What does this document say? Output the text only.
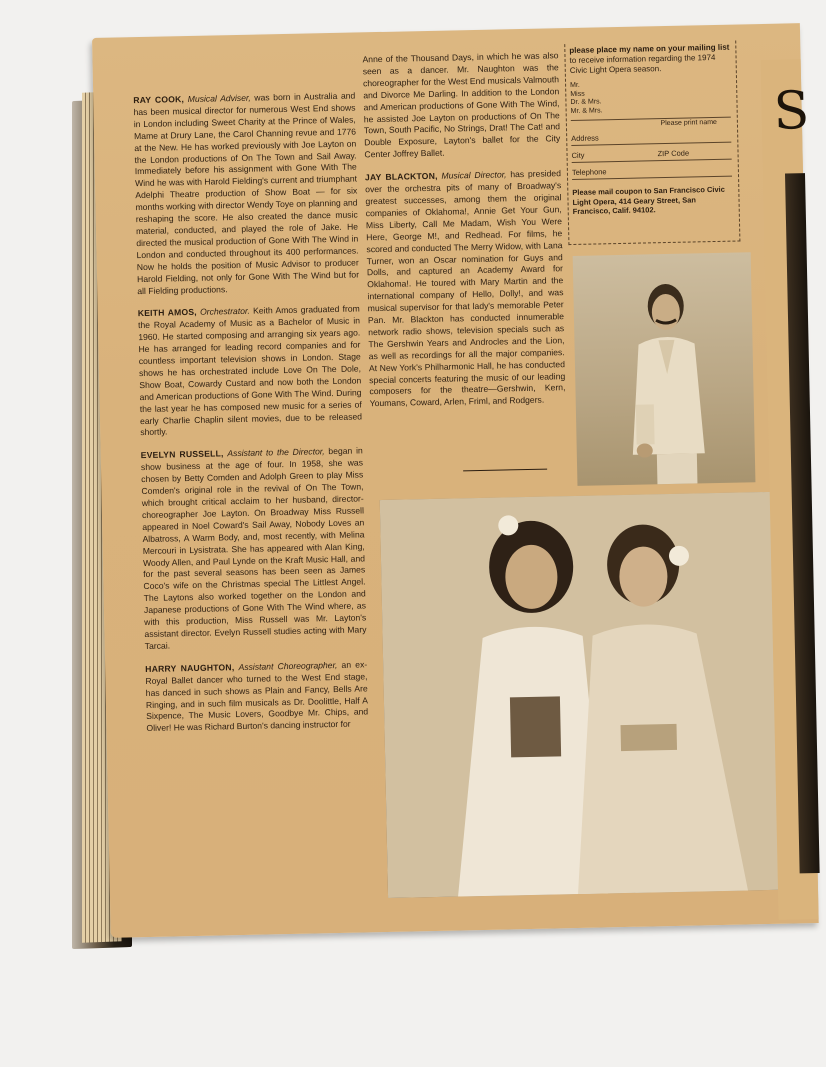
RAY COOK, Musical Adviser, was born in Australia and has been musical director for numerous West End shows in London including Sweet Charity at the Prince of Wales, Mame at Drury Lane, the Carol Channing revue and 1776 at the New. He has worked previously with Joe Layton on the London productions of On The Town and Sail Away. Immediately before his assignment with Gone With The Wind he was with Harold Fielding's current and triumphant Adelphi Theatre production of Show Boat — for six months working with director Wendy Toye on planning and reshaping the score. He also created the dance music material, conducted, and played the role of Jake. He directed the musical production of Gone With The Wind in London and conducted throughout its 400 performances. Now he holds the position of Music Advisor to producer Harold Fielding, not only for Gone With The Wind but for all Fielding productions.

KEITH AMOS, Orchestrator. Keith Amos graduated from the Royal Academy of Music as a Bachelor of Music in 1960. He started composing and arranging six years ago. He has arranged for leading record companies and for countless important television shows in London. Stage shows he has orchestrated include Love On The Dole, Show Boat, Cowardy Custard and now both the London and American productions of Gone With The Wind. During the last year he has composed new music for a series of early Charlie Chaplin silent movies, due to be released shortly.

EVELYN RUSSELL, Assistant to the Director, began in show business at the age of four. In 1958, she was chosen by Betty Comden and Adolph Green to play Miss Comden's original role in the revival of On The Town, which brought critical acclaim to her husband, director-choreographer Joe Layton. On Broadway Miss Russell appeared in Noel Coward's Sail Away, Nobody Loves an Albatross, A Warm Body, and, most recently, with Melina Mercouri in Lysistrata. She has appeared with Alan King, Woody Allen, and Paul Lynde on the Kraft Music Hall, and for the past several seasons has been seen as James Coco's wife on the Christmas special The Littlest Angel. The Laytons also worked together on the London and Japanese productions of Gone With The Wind where, as with this production, Miss Russell was Mr. Layton's assistant director. Evelyn Russell studies acting with Mary Tarcai.

HARRY NAUGHTON, Assistant Choreographer, an ex-Royal Ballet dancer who turned to the West End stage, has danced in such shows as Plain and Fancy, Bells Are Ringing, and in such film musicals as Dr. Doolittle, Half A Sixpence, The Music Lovers, Goodbye Mr. Chips, and Oliver! He was Richard Burton's dancing instructor for

Anne of the Thousand Days, in which he was also seen as a dancer. Mr. Naughton was the choreographer for the West End musicals Valmouth and Divorce Me Darling. In addition to the London and American productions of Gone With The Wind, he assisted Joe Layton on productions of On The Town, South Pacific, No Strings, Drat! The Cat! and Double Exposure, Layton's ballet for the City Center Joffrey Ballet.

JAY BLACKTON, Musical Director, has presided over the orchestra pits of many of Broadway's greatest successes, among them the original companies of Oklahoma!, Annie Get Your Gun, Miss Liberty, Call Me Madam, Wish You Were Here, George M!, and Redhead. For films, he scored and conducted The Merry Widow, with Lana Turner, won an Oscar nomination for Guys and Dolls, and captured an Academy Award for Oklahoma!. He toured with Mary Martin and the international company of Hello, Dolly!, and was musical supervisor for that lady's memorable Peter Pan. Mr. Blackton has conducted innumerable network radio shows, television specials such as The Gershwin Years and Androcles and the Lion, as well as recordings for all the major companies. At New York's Philharmonic Hall, he has conducted special concerts featuring the music of our leading composers for the theatre—Gershwin, Kern, Youmans, Coward, Arlen, Friml, and Rodgers.

please place my name on your mailing list to receive information regarding the 1974 Civic Light Opera season.
Mr.
Miss
Dr. & Mrs.
Mr. & Mrs.
Please print name
Address
City	ZIP Code
Telephone
Please mail coupon to San Francisco Civic Light Opera, 414 Geary Street, San Francisco, Calif. 94102.
S
